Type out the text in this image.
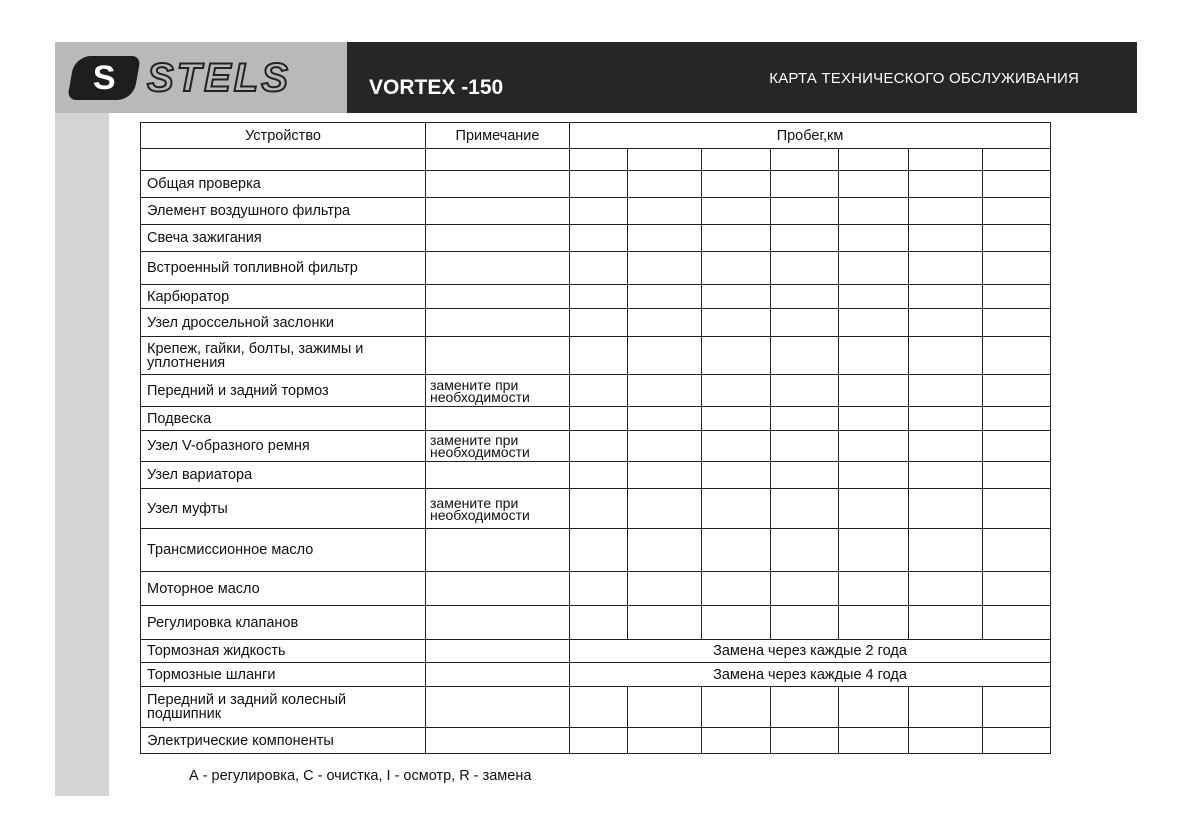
S STELS	VORTEX -150	КАРТА ТЕХНИЧЕСКОГО ОБСЛУЖИВАНИЯ
Устройство	Примечание	Пробег,км						

Общая проверка								
Элемент воздушного фильтра								
Свеча зажигания								
Встроенный топливной фильтр								
Карбюратор								
Узел дроссельной заслонки								
Крепеж, гайки, болты, зажимы и уплотнения								
Передний и задний тормоз	замените при необходимости							
Подвеска								
Узел V-образного ремня	замените при необходимости							
Узел вариатора								
Узел муфты	замените при необходимости							
Трансмиссионное масло								
Моторное масло								
Регулировка клапанов								
Тормозная жидкость		Замена через каждые 2 года						
Тормозные шланги		Замена через каждые 4 года						
Передний и задний колесный подшипник								
Электрические компоненты								
А - регулировка, С - очистка, I - осмотр, R - замена
